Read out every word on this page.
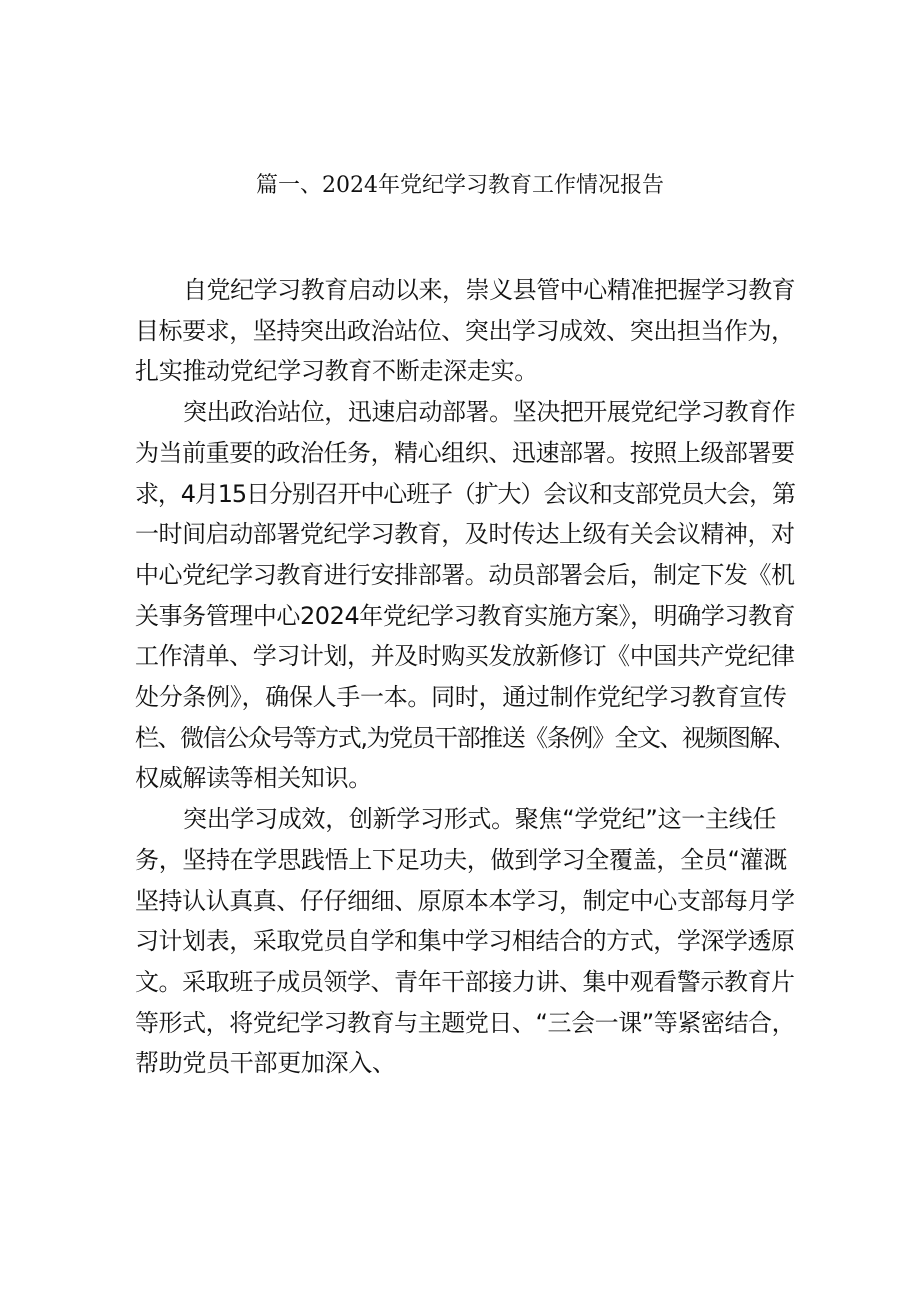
篇一、2024年党纪学习教育工作情况报告

自党纪学习教育启动以来，崇义县管中心精准把握学习教育
目标要求，坚持突出政治站位、突出学习成效、突出担当作为，
扎实推动党纪学习教育不断走深走实。

突出政治站位，迅速启动部署。坚决把开展党纪学习教育作
为当前重要的政治任务，精心组织、迅速部署。按照上级部署要
求，4月15日分别召开中心班子（扩大）会议和支部党员大会，第
一时间启动部署党纪学习教育，及时传达上级有关会议精神，对
中心党纪学习教育进行安排部署。动员部署会后，制定下发《机
关事务管理中心2024年党纪学习教育实施方案》，明确学习教育
工作清单、学习计划，并及时购买发放新修订《中国共产党纪律
处分条例》，确保人手一本。同时，通过制作党纪学习教育宣传
栏、微信公众号等方式,为党员干部推送《条例》全文、视频图解、
权威解读等相关知识。

突出学习成效，创新学习形式。聚焦“学党纪”这一主线任
务，坚持在学思践悟上下足功夫，做到学习全覆盖，全员“灌溉
坚持认认真真、仔仔细细、原原本本学习，制定中心支部每月学
习计划表，采取党员自学和集中学习相结合的方式，学深学透原
文。采取班子成员领学、青年干部接力讲、集中观看警示教育片
等形式，将党纪学习教育与主题党日、“三会一课”等紧密结合，
帮助党员干部更加深入、
